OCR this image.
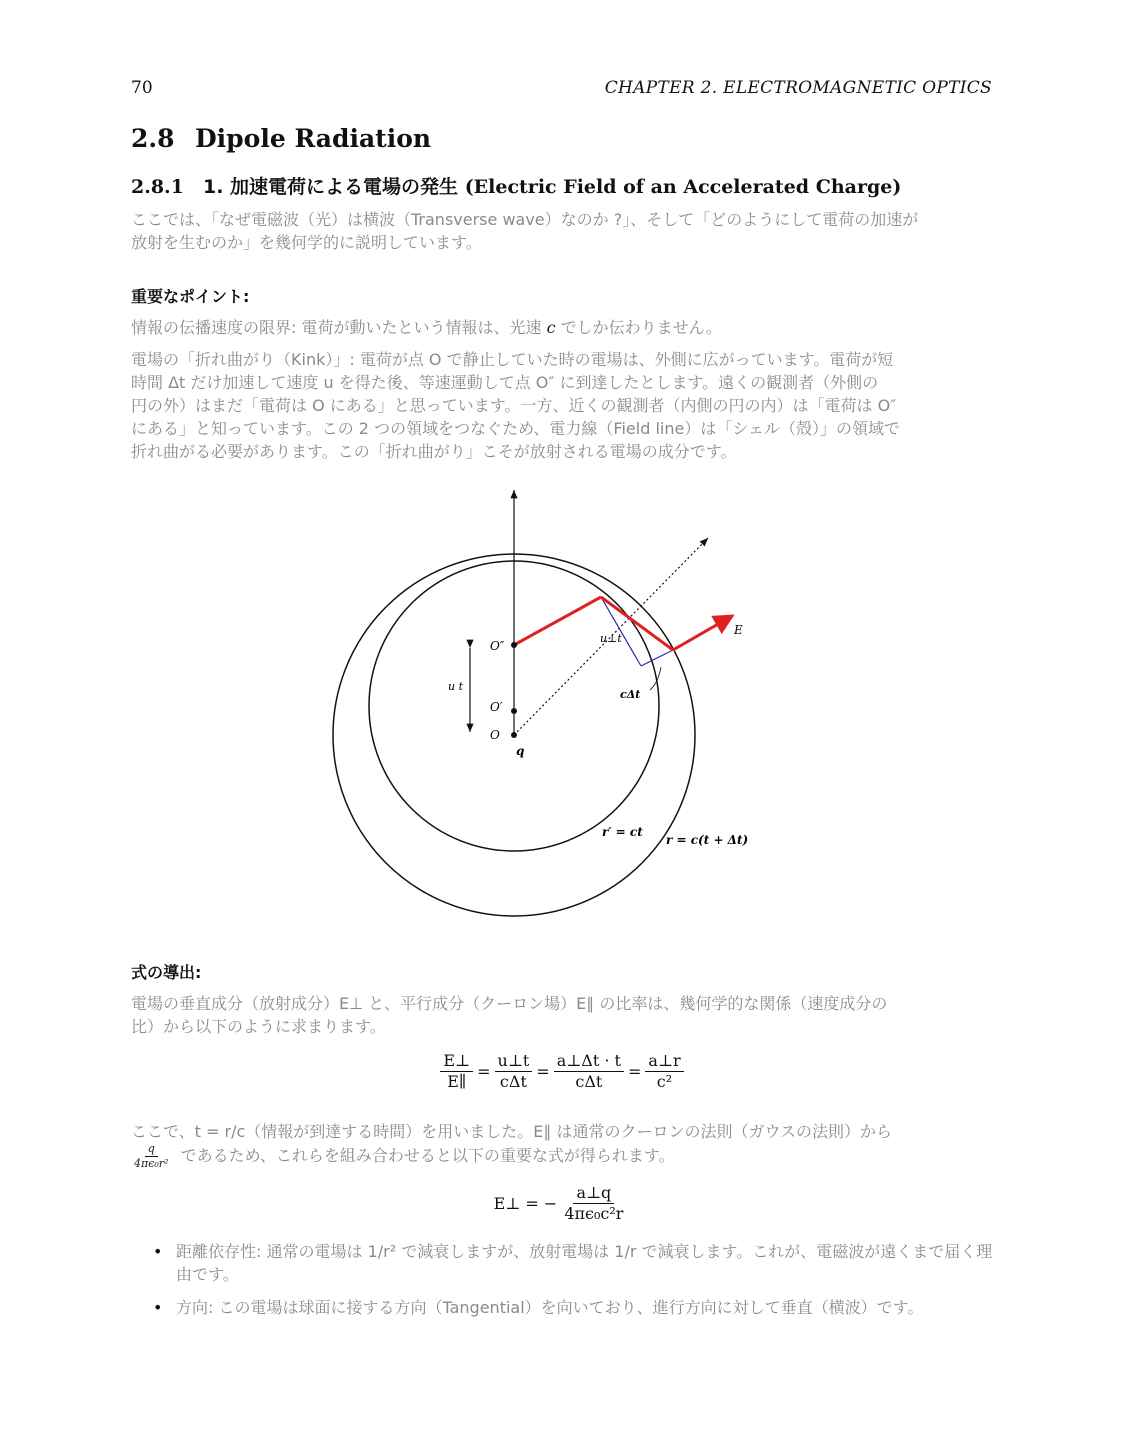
70	CHAPTER 2. ELECTROMAGNETIC OPTICS
2.8 Dipole Radiation
2.8.1 1. 加速電荷による電場の発生 (Electric Field of an Accelerated Charge)
ここでは、「なぜ電磁波（光）は横波（Transverse wave）なのか ?」、そして「どのようにして電荷の加速が
放射を生むのか」を幾何学的に説明しています。
重要なポイント:
情報の伝播速度の限界: 電荷が動いたという情報は、光速 c でしか伝わりません。
電場の「折れ曲がり（Kink）」: 電荷が点 O で静止していた時の電場は、外側に広がっています。電荷が短
時間 Δt だけ加速して速度 u を得た後、等速運動して点 O″ に到達したとします。遠くの観測者（外側の
円の外）はまだ「電荷は O にある」と思っています。一方、近くの観測者（内側の円の内）は「電荷は O″
にある」と知っています。この 2 つの領域をつなぐため、電力線（Field line）は「シェル（殻）」の領域で
折れ曲がる必要があります。この「折れ曲がり」こそが放射される電場の成分です。
O″
O′
O
q
u t
u⊥t
cΔt
E
r′ = ct
r = c(t + Δt)
式の導出:
電場の垂直成分（放射成分）E⊥ と、平行成分（クーロン場）E∥ の比率は、幾何学的な関係（速度成分の
比）から以下のように求まります。
$\frac{E\perp}{E\parallel} = \frac{u\perp t}{\text{cΔt}} = \frac{a\perp\Delta t \cdot t}{\text{cΔt}} = \frac{a\perp r}{\text{c²}}$
ここで、t = r/c（情報が到達する時間）を用いました。E∥ は通常のクーロンの法則（ガウスの法則）から
$\frac{q}{\text{4πϵ₀r²}}$ であるため、これらを組み合わせると以下の重要な式が得られます。
E⊥ = − $\frac{a\perp q}{\text{4πϵ₀c²r}}$
• 距離依存性: 通常の電場は 1/r² で減衰しますが、放射電場は 1/r で減衰します。これが、電磁波が遠くまで届く理由です。
• 方向: この電場は球面に接する方向（Tangential）を向いており、進行方向に対して垂直（横波）です。
